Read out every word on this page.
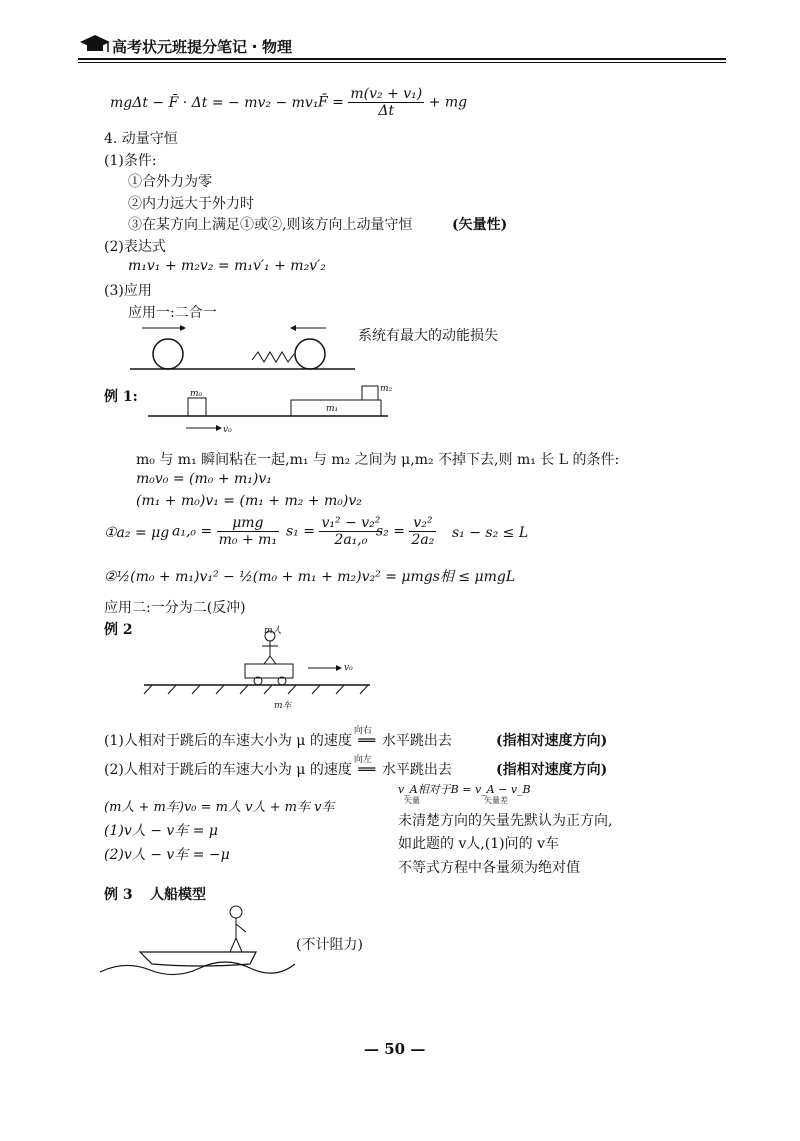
高考状元班提分笔记・物理
mgΔt − F̄ · Δt = − mv₂ − mv₁ F̄ = $\frac{\text{m(v₂ + v₁)}}{\Delta t}$ + mg
4. 动量守恒
(1)条件:
①合外力为零
②内力远大于外力时
③在某方向上满足①或②,则该方向上动量守恒	(矢量性)
(2)表达式
m₁v₁ + m₂v₂ = m₁v′₁ + m₂v′₂
(3)应用
应用一:二合一
系统有最大的动能损失
例 1:	m₀
m₁
m₂
v₀
m₀ 与 m₁ 瞬间粘在一起,m₁ 与 m₂ 之间为 μ,m₂ 不掉下去,则 m₁ 长 L 的条件:
m₀v₀ = (m₀ + m₁)v₁
(m₁ + m₀)v₁ = (m₁ + m₂ + m₀)v₂
①a₂ = μg $a_1,_0 = \frac{\text{μmg}}{\text{m₀ + m₁}} s_1 = \frac{\text{v₁² − v₂²}}{\text{2a₁,₀}}$
$s_2 = \frac{\text{v₂²}}{\text{2a₂}} s_1 - s_2 \le L$
②½(m₀ + m₁)v₁² − ½(m₀ + m₁ + m₂)v₂² = μmgs相 ≤ μmgL
应用二:一分为二(反冲)
例 2	m人
v₀
m车
(1)人相对于跳后的车速大小为 μ 的速度
向右
══ 水平跳出去	(指相对速度方向)
(2)人相对于跳后的车速大小为 μ 的速度
向左
══ 水平跳出去	(指相对速度方向)
(m人 + m车)v₀ = m人 v人 + m车 v车
(1)v人 − v车 = μ
(2)v人 − v车 = −μ
v_A相对于B = v_A − v_B
矢量	矢量差
未清楚方向的矢量先默认为正方向,
如此题的 v人,(1)问的 v车
不等式方程中各量须为绝对值
例 3 人船模型
(不计阻力)
— 50 —
